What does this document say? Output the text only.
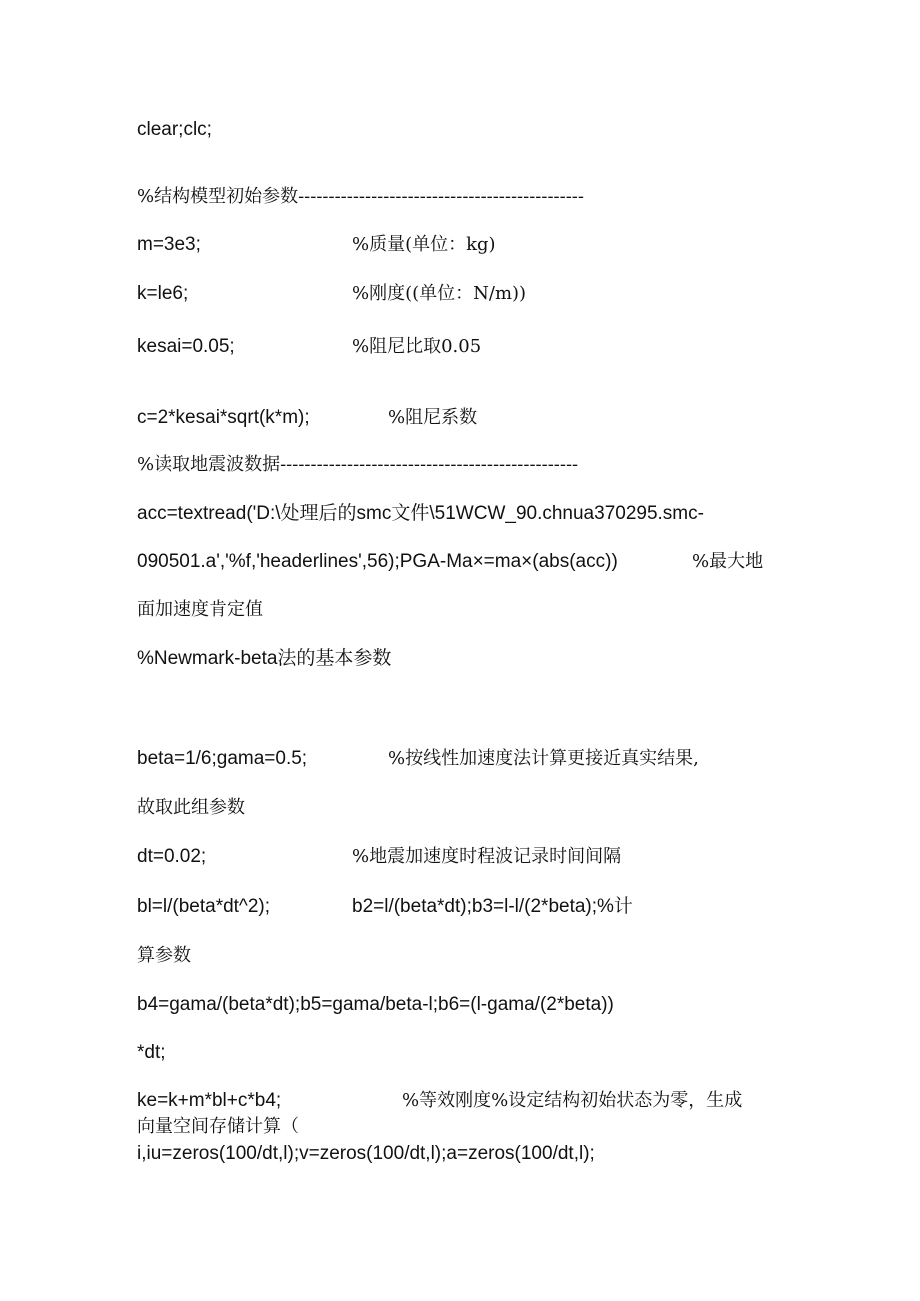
clear;clc;
%结构模型初始参数-----------------------------------------------
m=3e3;	%质量(单位：kg)
k=le6;	%刚度((单位：N/m))
kesai=0.05;	%阻尼比取0.05
c=2*kesai*sqrt(k*m);	%阻尼系数
%读取地震波数据-------------------------------------------------
acc=textread('D:\处理后的smc文件\51WCW_90.chnua370295.smc-
090501.a','%f,'headerlines',56);PGA-Ma×=ma×(abs(acc))	%最大地
面加速度肯定值
%Newmark-beta法的基本参数
beta=1/6;gama=0.5;	%按线性加速度法计算更接近真实结果,
故取此组参数
dt=0.02;	%地震加速度时程波记录时间间隔
bl=l/(beta*dt^2);	b2=l/(beta*dt);b3=l-l/(2*beta);%计
算参数
b4=gama/(beta*dt);b5=gama/beta-l;b6=(l-gama/(2*beta))
*dt;
ke=k+m*bl+c*b4;	%等效刚度%设定结构初始状态为零，生成
向量空间存储计算（
i,iu=zeros(100/dt,l);v=zeros(100/dt,l);a=zeros(100/dt,l);
